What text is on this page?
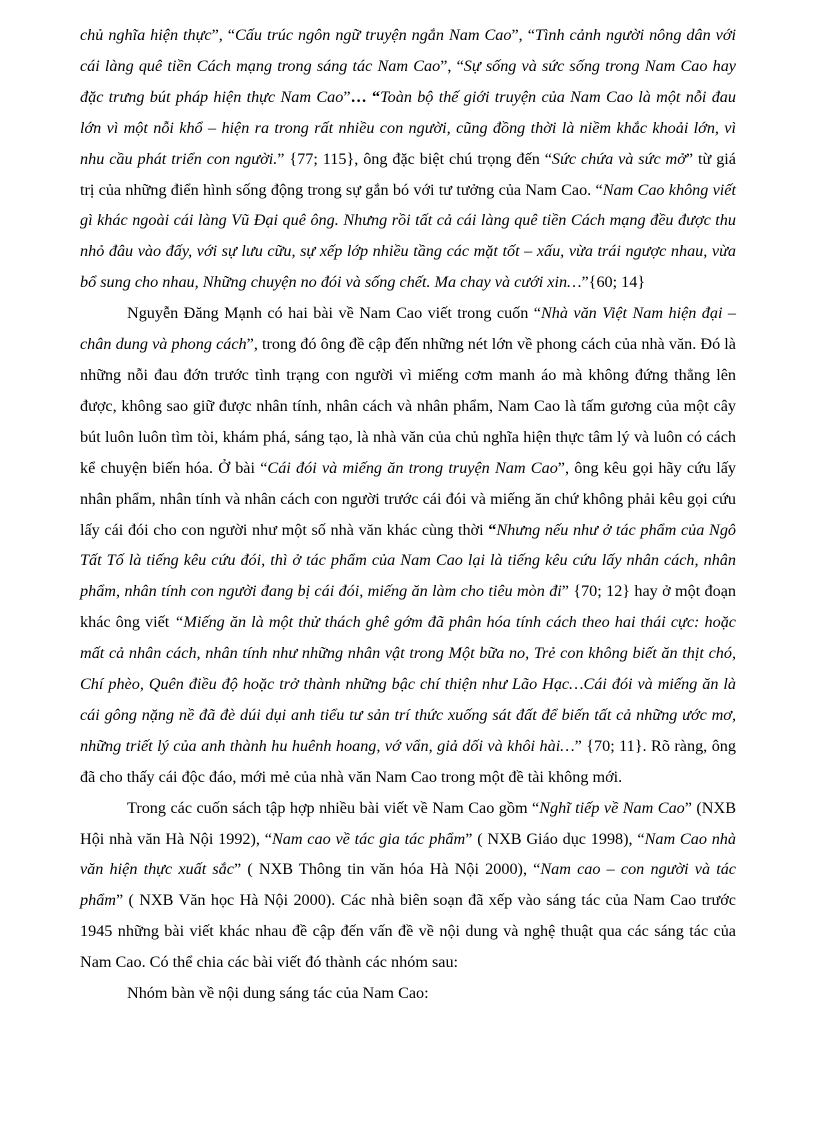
chủ nghĩa hiện thực”, “Cấu trúc ngôn ngữ truyện ngắn Nam Cao”, “Tình cảnh người nông dân với cái làng quê tiền Cách mạng trong sáng tác Nam Cao”, “Sự sống và sức sống trong Nam Cao hay đặc trưng bút pháp hiện thực Nam Cao”… “Toàn bộ thế giới truyện của Nam Cao là một nỗi đau lớn vì một nỗi khổ – hiện ra trong rất nhiều con người, cũng đồng thời là niềm khắc khoải lớn, vì nhu cầu phát triển con người.” {77; 115}, ông đặc biệt chú trọng đến “Sức chứa và sức mở” từ giá trị của những điển hình sống động trong sự gắn bó với tư tưởng của Nam Cao. “Nam Cao không viết gì khác ngoài cái làng Vũ Đại quê ông. Nhưng rồi tất cả cái làng quê tiền Cách mạng đều được thu nhỏ đâu vào đấy, với sự lưu cữu, sự xếp lớp nhiều tầng các mặt tốt – xấu, vừa trái ngược nhau, vừa bổ sung cho nhau, Những chuyện no đói và sống chết. Ma chay và cưới xin…”{60; 14}

Nguyễn Đăng Mạnh có hai bài về Nam Cao viết trong cuốn “Nhà văn Việt Nam hiện đại – chân dung và phong cách”, trong đó ông đề cập đến những nét lớn về phong cách của nhà văn. Đó là những nỗi đau đớn trước tình trạng con người vì miếng cơm manh áo mà không đứng thẳng lên được, không sao giữ được nhân tính, nhân cách và nhân phẩm, Nam Cao là tấm gương của một cây bút luôn luôn tìm tòi, khám phá, sáng tạo, là nhà văn của chủ nghĩa hiện thực tâm lý và luôn có cách kể chuyện biến hóa. Ở bài “Cái đói và miếng ăn trong truyện Nam Cao”, ông kêu gọi hãy cứu lấy nhân phẩm, nhân tính và nhân cách con người trước cái đói và miếng ăn chứ không phải kêu gọi cứu lấy cái đói cho con người như một số nhà văn khác cùng thời “Nhưng nếu như ở tác phẩm của Ngô Tất Tố là tiếng kêu cứu đói, thì ở tác phẩm của Nam Cao lại là tiếng kêu cứu lấy nhân cách, nhân phẩm, nhân tính con người đang bị cái đói, miếng ăn làm cho tiêu mòn đi” {70; 12} hay ở một đoạn khác ông viết “Miếng ăn là một thử thách ghê gớm đã phân hóa tính cách theo hai thái cực: hoặc mất cả nhân cách, nhân tính như những nhân vật trong Một bữa no, Trẻ con không biết ăn thịt chó, Chí phèo, Quên điều độ hoặc trở thành những bậc chí thiện như Lão Hạc…Cái đói và miếng ăn là cái gông nặng nề đã đè dúi dụi anh tiểu tư sản trí thức xuống sát đất để biến tất cả những ước mơ, những triết lý của anh thành hu huênh hoang, vớ vẩn, giả dối và khôi hài…” {70; 11}. Rõ ràng, ông đã cho thấy cái độc đáo, mới mẻ của nhà văn Nam Cao trong một đề tài không mới.

Trong các cuốn sách tập hợp nhiều bài viết về Nam Cao gồm “Nghĩ tiếp về Nam Cao” (NXB Hội nhà văn Hà Nội 1992), “Nam cao về tác gia tác phẩm” ( NXB Giáo dục 1998), “Nam Cao nhà văn hiện thực xuất sắc” ( NXB Thông tin văn hóa Hà Nội 2000), “Nam cao – con người và tác phẩm” ( NXB Văn học Hà Nội 2000). Các nhà biên soạn đã xếp vào sáng tác của Nam Cao trước 1945 những bài viết khác nhau đề cập đến vấn đề về nội dung và nghệ thuật qua các sáng tác của Nam Cao. Có thể chia các bài viết đó thành các nhóm sau:

Nhóm bàn về nội dung sáng tác của Nam Cao:
